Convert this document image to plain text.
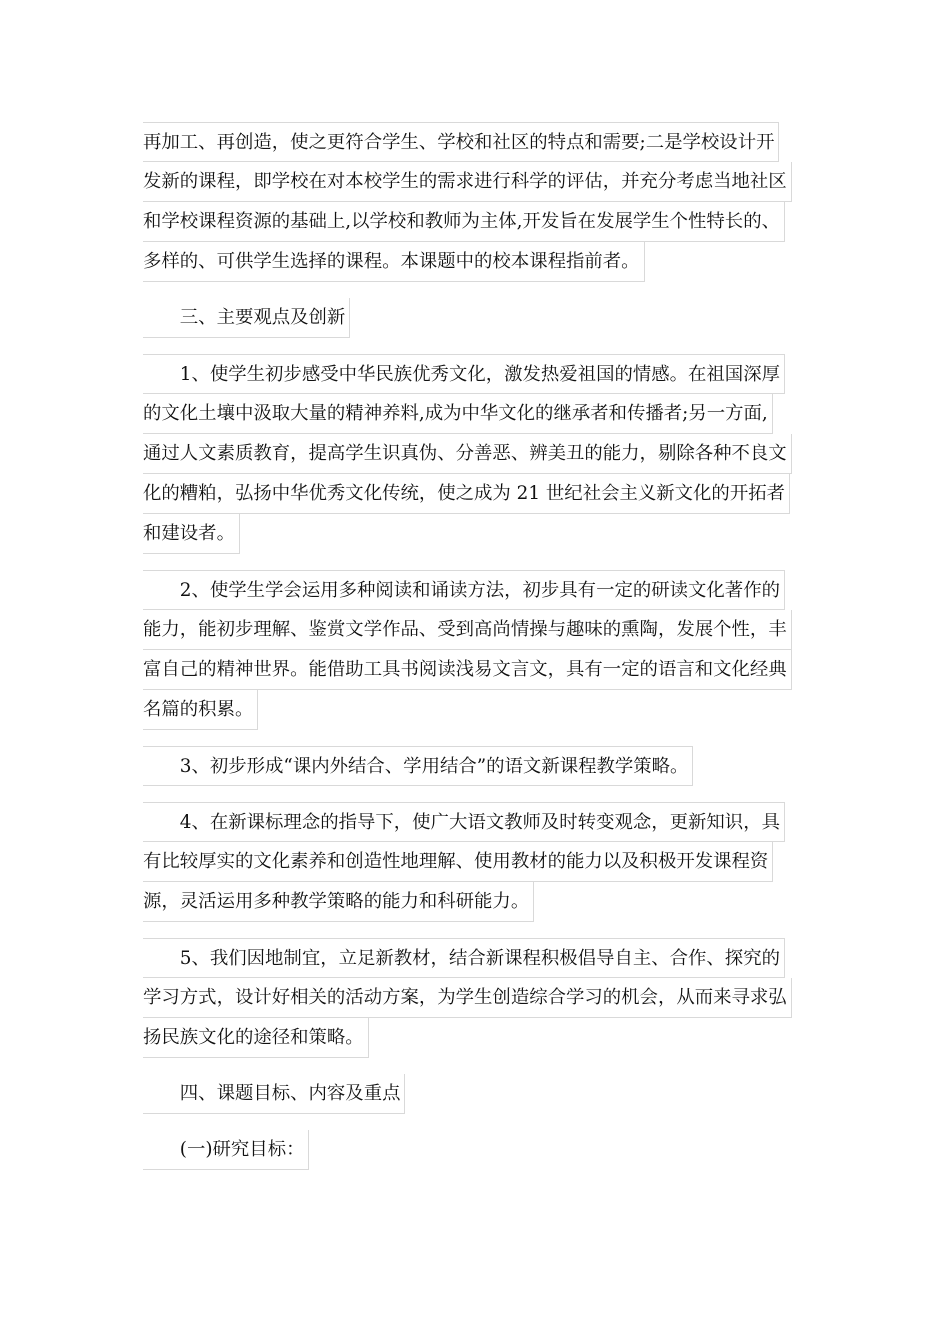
再加工、再创造，使之更符合学生、学校和社区的特点和需要;二是学校设计开
发新的课程，即学校在对本校学生的需求进行科学的评估，并充分考虑当地社区
和学校课程资源的基础上,以学校和教师为主体,开发旨在发展学生个性特长的、
多样的、可供学生选择的课程。本课题中的校本课程指前者。
　　三、主要观点及创新
　　1、使学生初步感受中华民族优秀文化，激发热爱祖国的情感。在祖国深厚
的文化土壤中汲取大量的精神养料,成为中华文化的继承者和传播者;另一方面,
通过人文素质教育，提高学生识真伪、分善恶、辨美丑的能力，剔除各种不良文
化的糟粕，弘扬中华优秀文化传统，使之成为 21 世纪社会主义新文化的开拓者
和建设者。
　　2、使学生学会运用多种阅读和诵读方法，初步具有一定的研读文化著作的
能力，能初步理解、鉴赏文学作品、受到高尚情操与趣味的熏陶，发展个性，丰
富自己的精神世界。能借助工具书阅读浅易文言文，具有一定的语言和文化经典
名篇的积累。
　　3、初步形成“课内外结合、学用结合”的语文新课程教学策略。
　　4、在新课标理念的指导下，使广大语文教师及时转变观念，更新知识，具
有比较厚实的文化素养和创造性地理解、使用教材的能力以及积极开发课程资
源，灵活运用多种教学策略的能力和科研能力。
　　5、我们因地制宜，立足新教材，结合新课程积极倡导自主、合作、探究的
学习方式，设计好相关的活动方案，为学生创造综合学习的机会，从而来寻求弘
扬民族文化的途径和策略。
　　四、课题目标、内容及重点
　　(一)研究目标：
